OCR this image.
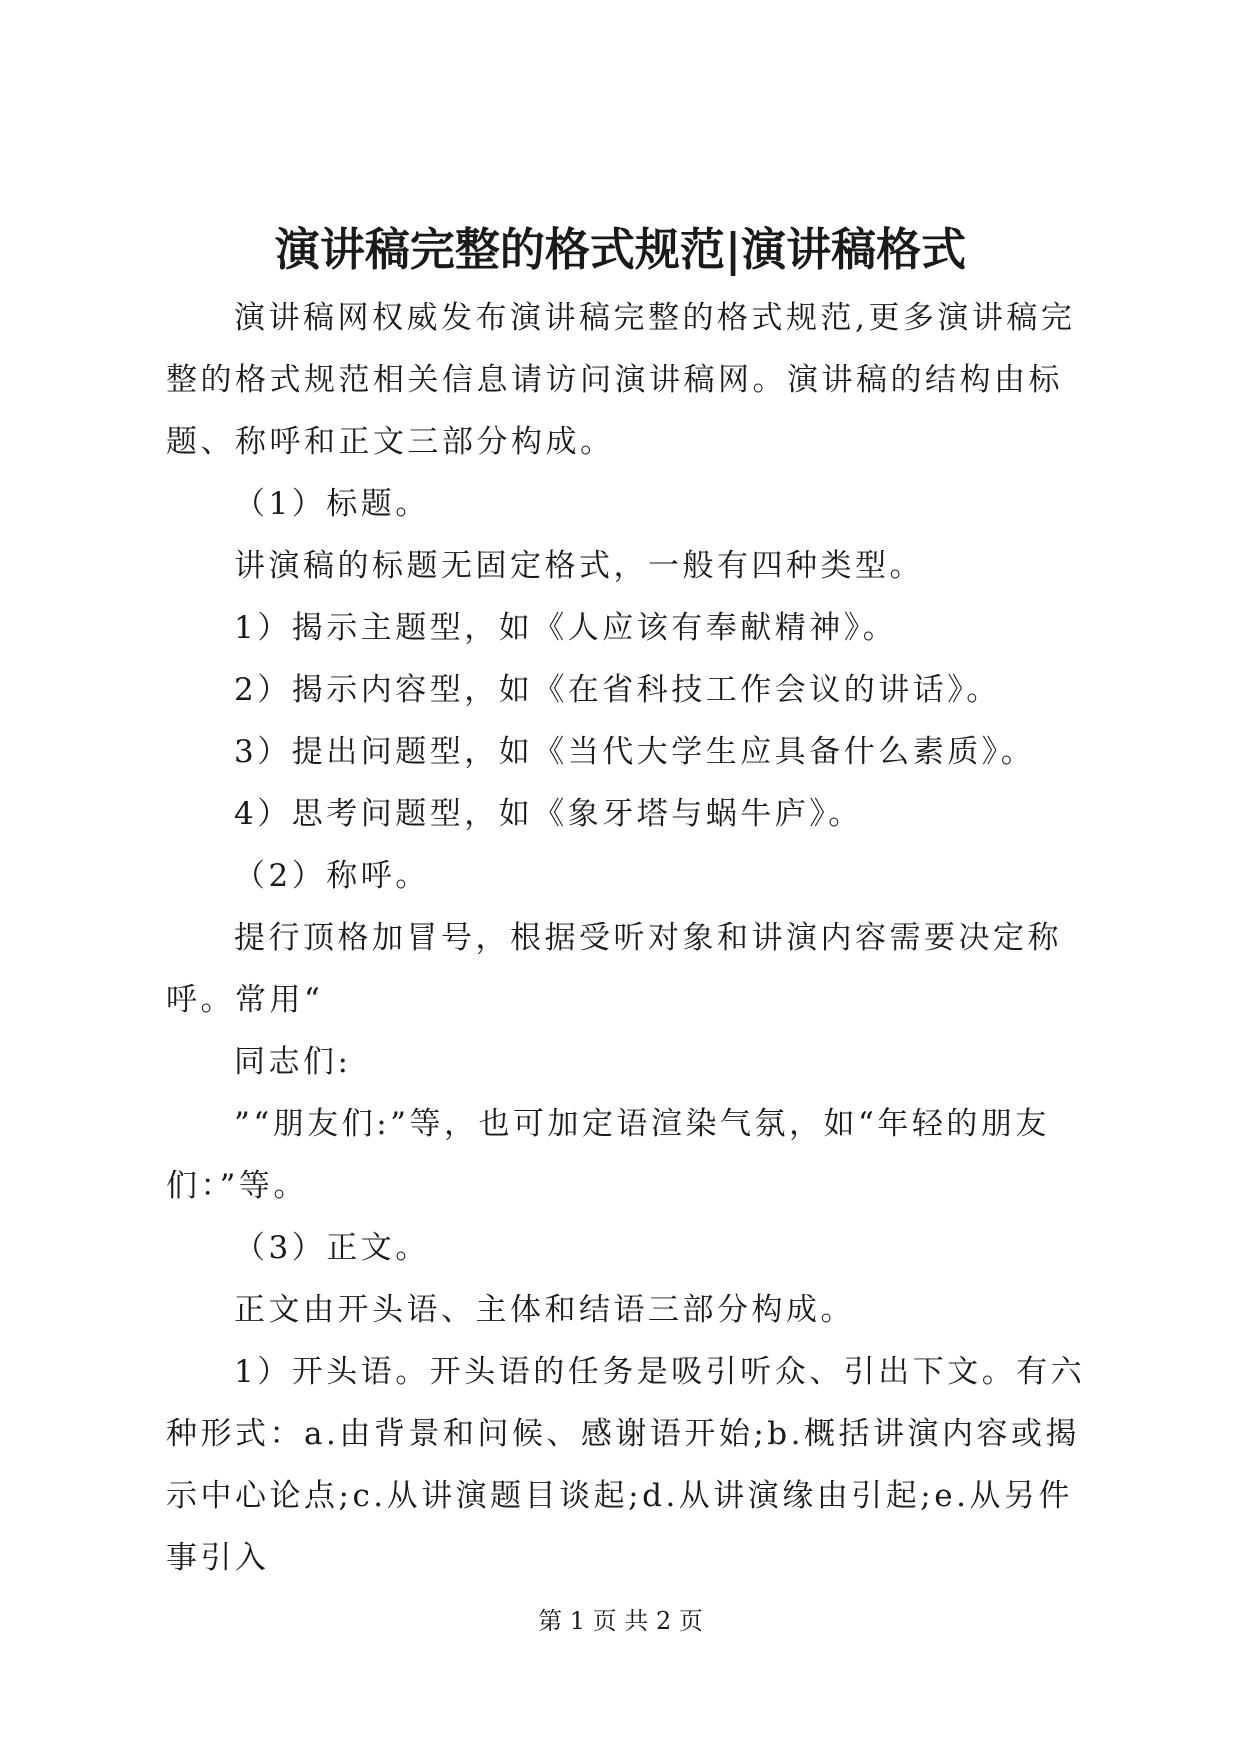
演讲稿完整的格式规范|演讲稿格式

演讲稿网权威发布演讲稿完整的格式规范,更多演讲稿完整的格式规范相关信息请访问演讲稿网。演讲稿的结构由标题、称呼和正文三部分构成。

（1）标题。

讲演稿的标题无固定格式，一般有四种类型。

1）揭示主题型，如《人应该有奉献精神》。

2）揭示内容型，如《在省科技工作会议的讲话》。

3）提出问题型，如《当代大学生应具备什么素质》。

4）思考问题型，如《象牙塔与蜗牛庐》。

（2）称呼。

提行顶格加冒号，根据受听对象和讲演内容需要决定称呼。常用“

同志们:

”“朋友们:”等，也可加定语渲染气氛，如“年轻的朋友们：”等。

（3）正文。

正文由开头语、主体和结语三部分构成。

1）开头语。开头语的任务是吸引听众、引出下文。有六种形式：a.由背景和问候、感谢语开始;b.概括讲演内容或揭示中心论点;c.从讲演题目谈起;d.从讲演缘由引起;e.从另件事引入

第 1 页 共 2 页
